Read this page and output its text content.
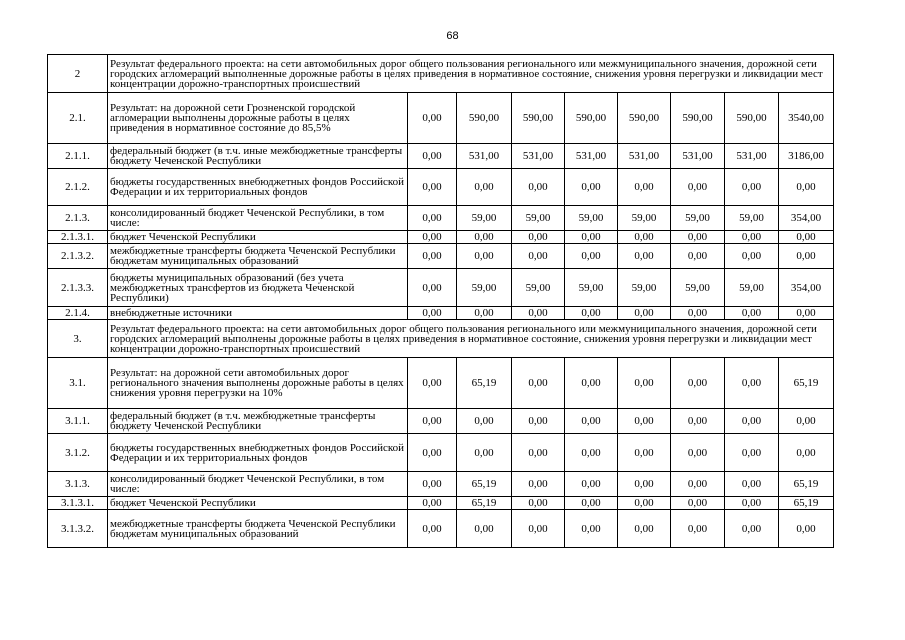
68
2	Результат федерального проекта: на сети автомобильных дорог общего пользования регионального или межмуниципального значения, дорожной сети городских агломераций выполненные дорожные работы в целях приведения в нормативное состояние, снижения уровня перегрузки и ликвидации мест концентрации дорожно-транспортных происшествий								
2.1.	Результат: на дорожной сети Грозненской городской агломерации выполнены дорожные работы в целях приведения в нормативное состояние до 85,5%	0,00	590,00	590,00	590,00	590,00	590,00	590,00	3540,00
2.1.1.	федеральный бюджет (в т.ч. иные межбюджетные трансферты бюджету Чеченской Республики	0,00	531,00	531,00	531,00	531,00	531,00	531,00	3186,00
2.1.2.	бюджеты государственных внебюджетных фондов Российской Федерации и их территориальных фондов	0,00	0,00	0,00	0,00	0,00	0,00	0,00	0,00
2.1.3.	консолидированный бюджет Чеченской Республики, в том числе:	0,00	59,00	59,00	59,00	59,00	59,00	59,00	354,00
2.1.3.1.	бюджет Чеченской Республики	0,00	0,00	0,00	0,00	0,00	0,00	0,00	0,00
2.1.3.2.	межбюджетные трансферты бюджета Чеченской Республики бюджетам муниципальных образований	0,00	0,00	0,00	0,00	0,00	0,00	0,00	0,00
2.1.3.3.	бюджеты муниципальных образований (без учета межбюджетных трансфертов из бюджета Чеченской Республики)	0,00	59,00	59,00	59,00	59,00	59,00	59,00	354,00
2.1.4.	внебюджетные источники	0,00	0,00	0,00	0,00	0,00	0,00	0,00	0,00
3.	Результат федерального проекта: на сети автомобильных дорог общего пользования регионального или межмуниципального значения, дорожной сети городских агломераций выполнены дорожные работы в целях приведения в нормативное состояние, снижения уровня перегрузки и ликвидации мест концентрации дорожно-транспортных происшествий								
3.1.	Результат: на дорожной сети автомобильных дорог регионального значения выполнены дорожные работы в целях снижения уровня перегрузки на 10%	0,00	65,19	0,00	0,00	0,00	0,00	0,00	65,19
3.1.1.	федеральный бюджет (в т.ч. межбюджетные трансферты бюджету Чеченской Республики	0,00	0,00	0,00	0,00	0,00	0,00	0,00	0,00
3.1.2.	бюджеты государственных внебюджетных фондов Российской Федерации и их территориальных фондов	0,00	0,00	0,00	0,00	0,00	0,00	0,00	0,00
3.1.3.	консолидированный бюджет Чеченской Республики, в том числе:	0,00	65,19	0,00	0,00	0,00	0,00	0,00	65,19
3.1.3.1.	бюджет Чеченской Республики	0,00	65,19	0,00	0,00	0,00	0,00	0,00	65,19
3.1.3.2.	межбюджетные трансферты бюджета Чеченской Республики бюджетам муниципальных образований	0,00	0,00	0,00	0,00	0,00	0,00	0,00	0,00
